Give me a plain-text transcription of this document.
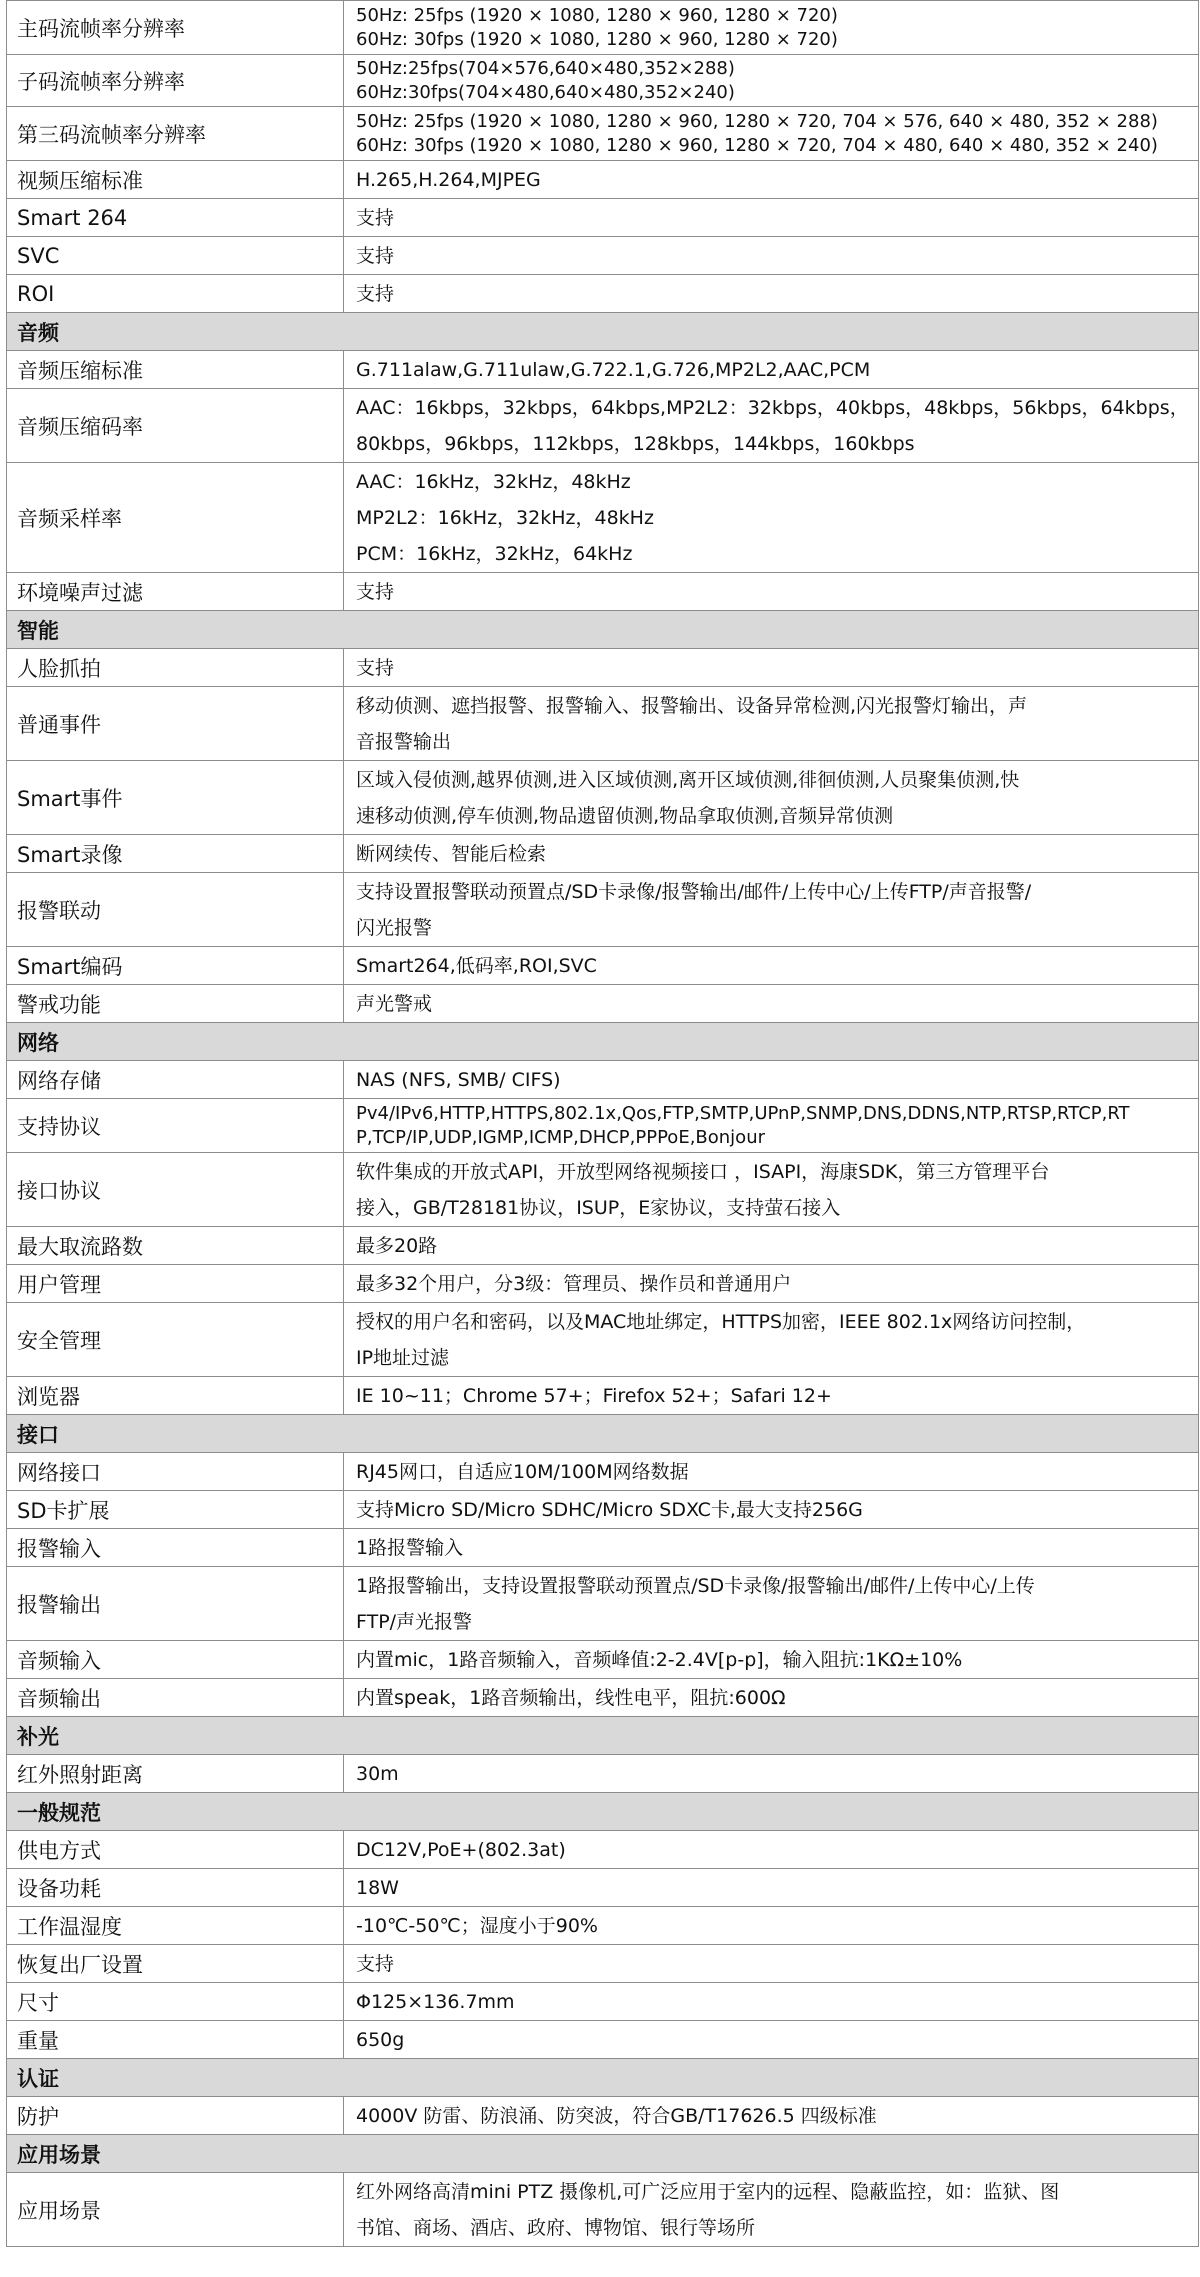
主码流帧率分辨率	50Hz: 25fps (1920 × 1080, 1280 × 960, 1280 × 720)
60Hz: 30fps (1920 × 1080, 1280 × 960, 1280 × 720)

子码流帧率分辨率	50Hz:25fps(704×576,640×480,352×288)
60Hz:30fps(704×480,640×480,352×240)

第三码流帧率分辨率	50Hz: 25fps (1920 × 1080, 1280 × 960, 1280 × 720, 704 × 576, 640 × 480, 352 × 288)
60Hz: 30fps (1920 × 1080, 1280 × 960, 1280 × 720, 704 × 480, 640 × 480, 352 × 240)

视频压缩标准	H.265,H.264,MJPEG

Smart 264	支持

SVC	支持

ROI	支持

音频	
音频压缩标准	G.711alaw,G.711ulaw,G.722.1,G.726,MP2L2,AAC,PCM

音频压缩码率	AAC：16kbps，32kbps，64kbps,MP2L2：32kbps，40kbps，48kbps，56kbps，64kbps，
80kbps，96kbps，112kbps，128kbps，144kbps，160kbps

音频采样率	AAC：16kHz，32kHz，48kHz
MP2L2：16kHz，32kHz，48kHz
PCM：16kHz，32kHz，64kHz

环境噪声过滤	支持

智能	
人脸抓拍	支持

普通事件	移动侦测、遮挡报警、报警输入、报警输出、设备异常检测,闪光报警灯输出，声
音报警输出

Smart事件	区域入侵侦测,越界侦测,进入区域侦测,离开区域侦测,徘徊侦测,人员聚集侦测,快
速移动侦测,停车侦测,物品遗留侦测,物品拿取侦测,音频异常侦测

Smart录像	断网续传、智能后检索

报警联动	支持设置报警联动预置点/SD卡录像/报警输出/邮件/上传中心/上传FTP/声音报警/
闪光报警

Smart编码	Smart264,低码率,ROI,SVC

警戒功能	声光警戒

网络	
网络存储	NAS (NFS, SMB/ CIFS)

支持协议	Pv4/IPv6,HTTP,HTTPS,802.1x,Qos,FTP,SMTP,UPnP,SNMP,DNS,DDNS,NTP,RTSP,RTCP,RT
P,TCP/IP,UDP,IGMP,ICMP,DHCP,PPPoE,Bonjour

接口协议	软件集成的开放式API，开放型网络视频接口 ，ISAPI，海康SDK，第三方管理平台
接入，GB/T28181协议，ISUP，E家协议，支持萤石接入

最大取流路数	最多20路

用户管理	最多32个用户，分3级：管理员、操作员和普通用户

安全管理	授权的用户名和密码，以及MAC地址绑定，HTTPS加密，IEEE 802.1x网络访问控制，
IP地址过滤

浏览器	IE 10~11；Chrome 57+；Firefox 52+；Safari 12+

接口	
网络接口	RJ45网口，自适应10M/100M网络数据

SD卡扩展	支持Micro SD/Micro SDHC/Micro SDXC卡,最大支持256G

报警输入	1路报警输入

报警输出	1路报警输出，支持设置报警联动预置点/SD卡录像/报警输出/邮件/上传中心/上传
FTP/声光报警

音频输入	内置mic，1路音频输入，音频峰值:2-2.4V[p-p]，输入阻抗:1KΩ±10%

音频输出	内置speak，1路音频输出，线性电平，阻抗:600Ω

补光	
红外照射距离	30m

一般规范	
供电方式	DC12V,PoE+(802.3at)

设备功耗	18W

工作温湿度	-10℃-50℃；湿度小于90%

恢复出厂设置	支持

尺寸	Φ125×136.7mm

重量	650g

认证	
防护	4000V 防雷、防浪涌、防突波，符合GB/T17626.5 四级标准

应用场景	
应用场景	红外网络高清mini PTZ 摄像机,可广泛应用于室内的远程、隐蔽监控，如：监狱、图
书馆、商场、酒店、政府、博物馆、银行等场所
